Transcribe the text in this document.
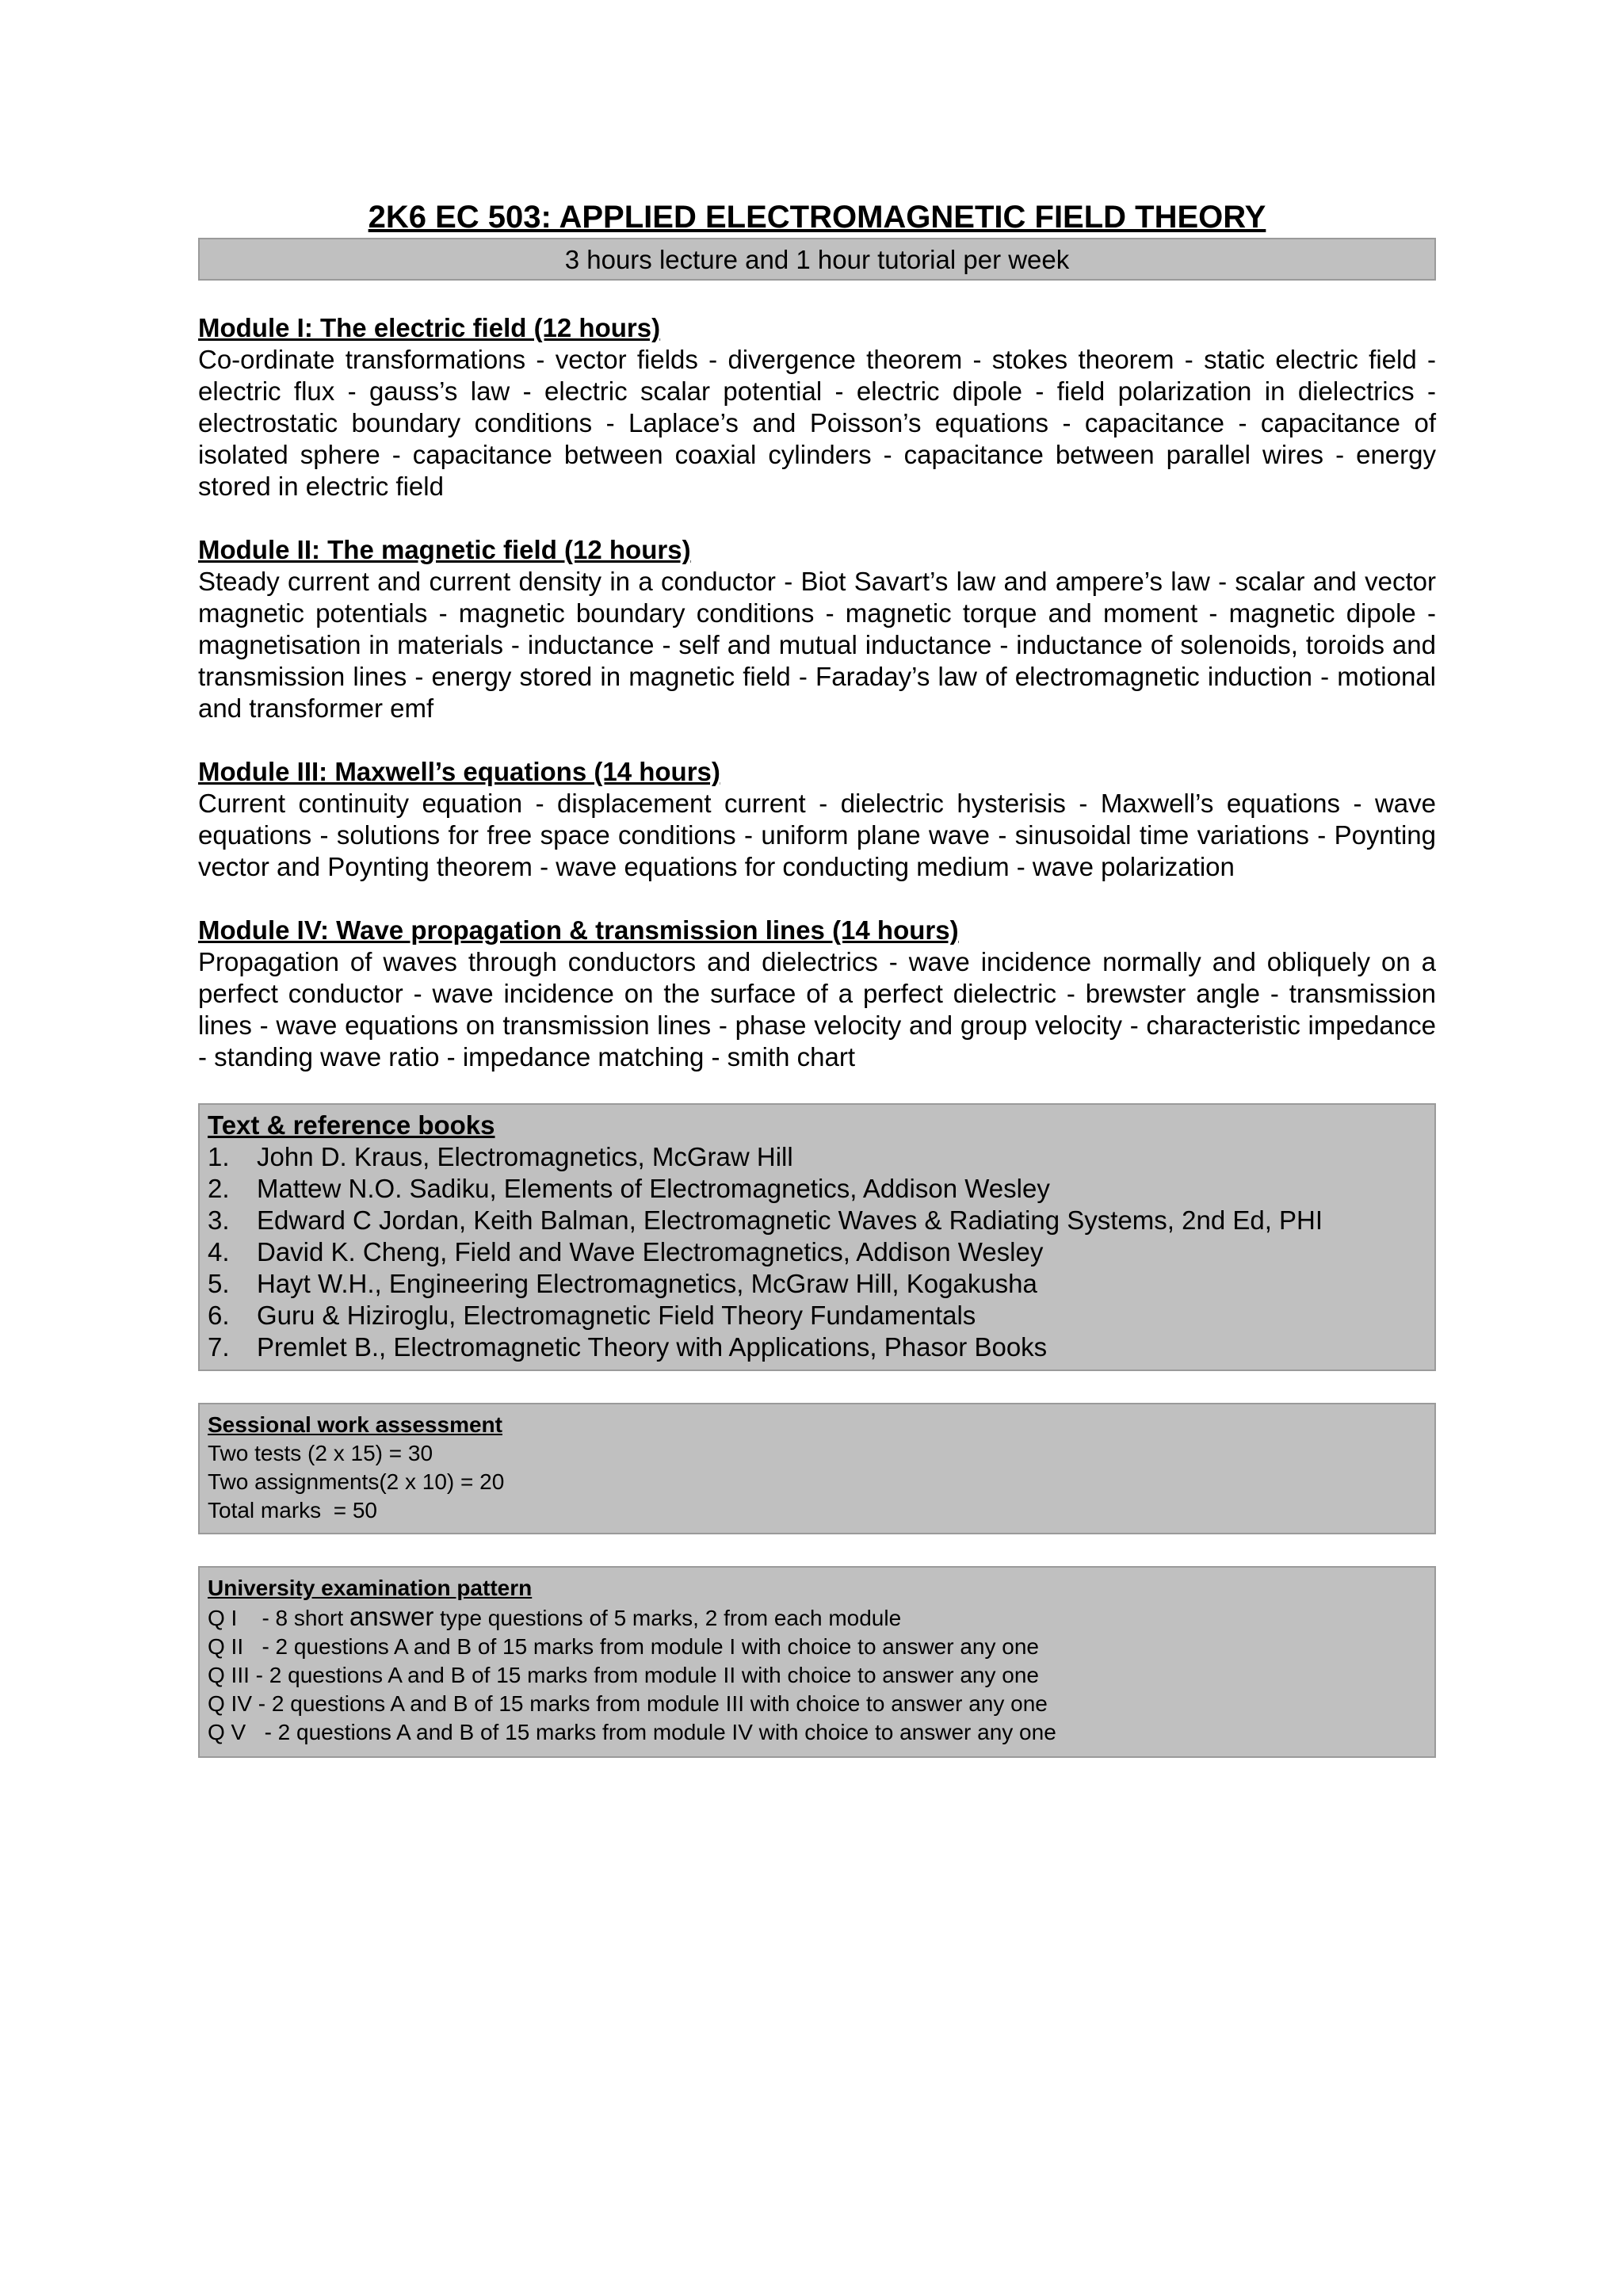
2K6 EC 503: APPLIED ELECTROMAGNETIC FIELD THEORY
3 hours lecture and 1 hour tutorial per week
Module I: The electric field (12 hours)
Co-ordinate transformations - vector fields - divergence theorem - stokes theorem - static electric field - electric flux - gauss’s law - electric scalar potential - electric dipole - field polarization in dielectrics - electrostatic boundary conditions - Laplace’s and Poisson’s equations - capacitance - capacitance of isolated sphere - capacitance between coaxial cylinders - capacitance between parallel wires - energy stored in electric field
Module II: The magnetic field (12 hours)
Steady current and current density in a conductor - Biot Savart’s law and ampere’s law - scalar and vector magnetic potentials - magnetic boundary conditions - magnetic torque and moment - magnetic dipole - magnetisation in materials - inductance - self and mutual inductance - inductance of solenoids, toroids and transmission lines - energy stored in magnetic field - Faraday’s law of electromagnetic induction - motional and transformer emf
Module III: Maxwell’s equations (14 hours)
Current continuity equation - displacement current - dielectric hysterisis - Maxwell’s equations - wave equations - solutions for free space conditions - uniform plane wave - sinusoidal time variations - Poynting vector and Poynting theorem - wave equations for conducting medium - wave polarization
Module IV: Wave propagation & transmission lines (14 hours)
Propagation of waves through conductors and dielectrics - wave incidence normally and obliquely on a perfect conductor - wave incidence on the surface of a perfect dielectric - brewster angle - transmission lines - wave equations on transmission lines - phase velocity and group velocity - characteristic impedance - standing wave ratio - impedance matching - smith chart
Text & reference books
1.	John D. Kraus, Electromagnetics, McGraw Hill
2.	Mattew N.O. Sadiku, Elements of Electromagnetics, Addison Wesley
3.	Edward C Jordan, Keith Balman, Electromagnetic Waves & Radiating Systems, 2nd Ed, PHI
4.	David K. Cheng, Field and Wave Electromagnetics, Addison Wesley
5.	Hayt W.H., Engineering Electromagnetics, McGraw Hill, Kogakusha
6.	Guru & Hiziroglu, Electromagnetic Field Theory Fundamentals
7.	Premlet B., Electromagnetic Theory with Applications, Phasor Books
Sessional work assessment
Two tests (2 x 15) = 30
Two assignments(2 x 10) = 20
Total marks  = 50
University examination pattern
Q I    - 8 short answer type questions of 5 marks, 2 from each module
Q II   - 2 questions A and B of 15 marks from module I with choice to answer any one
Q III - 2 questions A and B of 15 marks from module II with choice to answer any one
Q IV - 2 questions A and B of 15 marks from module III with choice to answer any one
Q V   - 2 questions A and B of 15 marks from module IV with choice to answer any one
